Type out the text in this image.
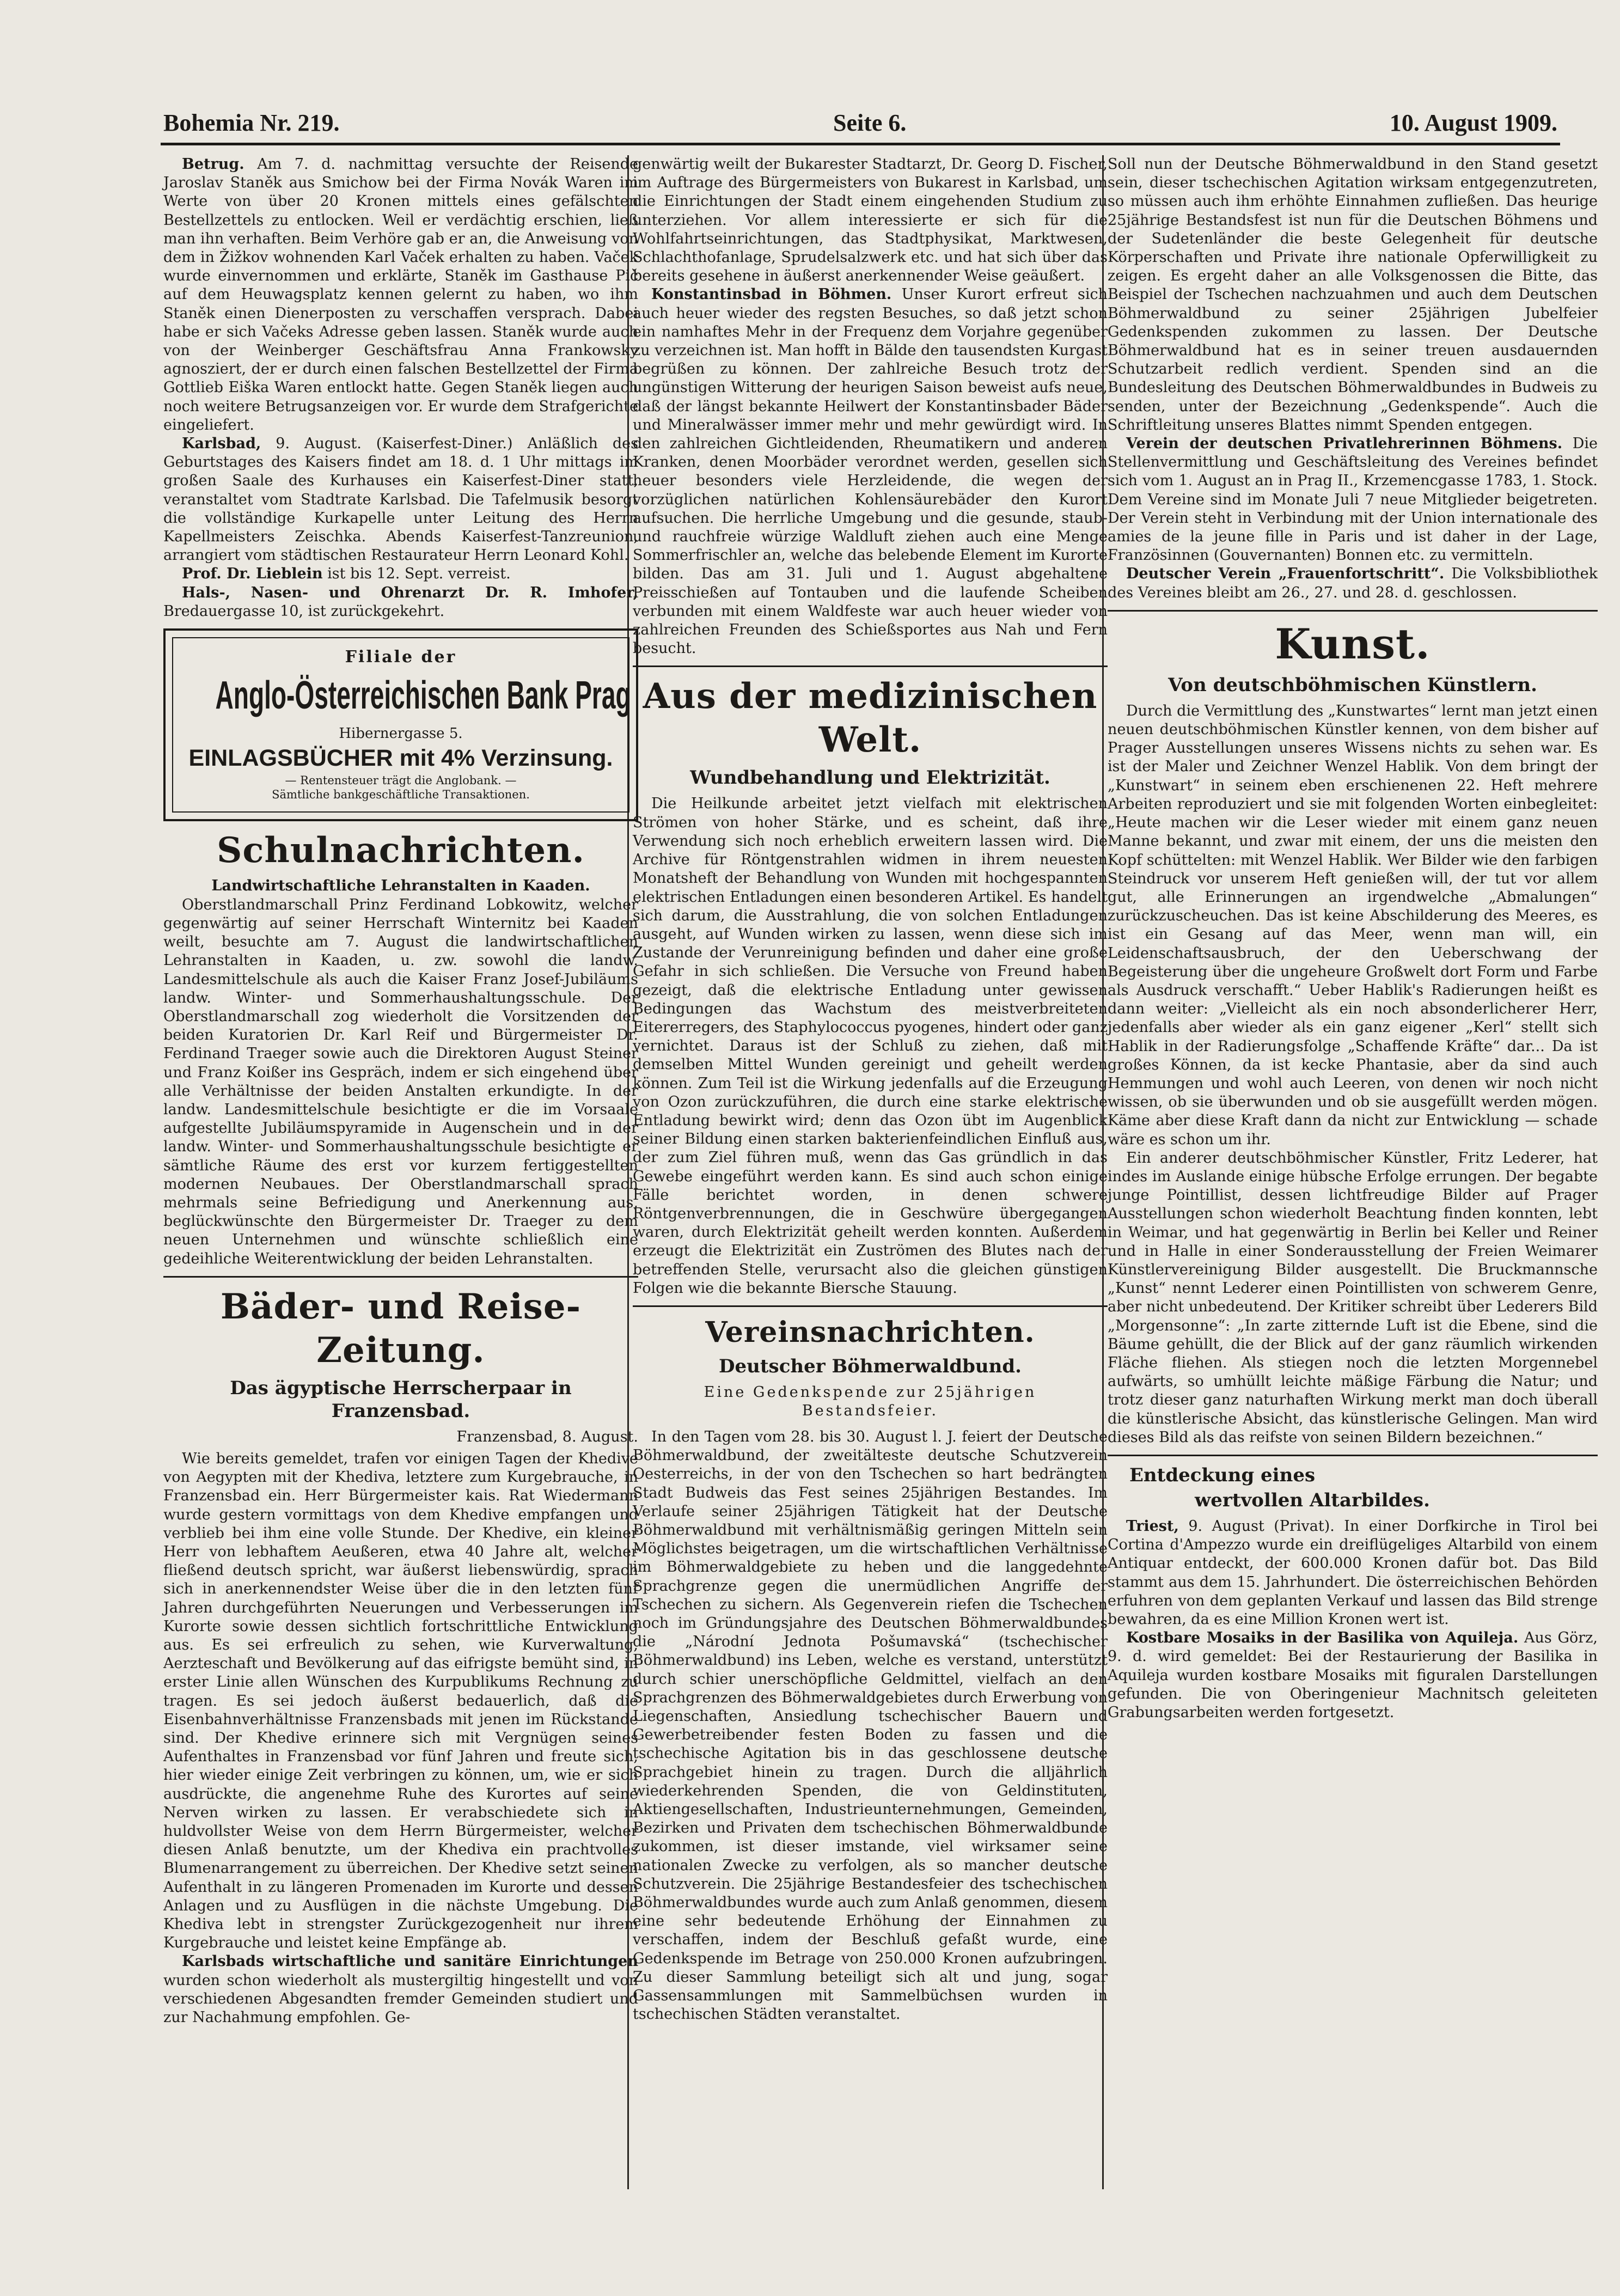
Bohemia Nr. 219.	Seite 6.	10. August 1909.

Betrug. Am 7. d. nachmittag versuchte der Reisende Jaroslav Staněk aus Smichow bei der Firma Novák Waren im Werte von über 20 Kronen mittels eines gefälschten Bestellzettels zu entlocken. Weil er verdächtig erschien, ließ man ihn verhaften. Beim Verhöre gab er an, die Anweisung von dem in Žižkov wohnenden Karl Vaček erhalten zu haben. Vaček wurde einvernommen und erklärte, Staněk im Gasthause Pič auf dem Heuwagsplatz kennen gelernt zu haben, wo ihm Staněk einen Dienerposten zu verschaffen versprach. Dabei habe er sich Vačeks Adresse geben lassen. Staněk wurde auch von der Weinberger Geschäftsfrau Anna Frankowsky agnosziert, der er durch einen falschen Bestellzettel der Firma Gottlieb Eiška Waren entlockt hatte. Gegen Staněk liegen auch noch weitere Betrugsanzeigen vor. Er wurde dem Strafgerichte eingeliefert.

Karlsbad, 9. August. (Kaiserfest-Diner.) Anläßlich des Geburtstages des Kaisers findet am 18. d. 1 Uhr mittags im großen Saale des Kurhauses ein Kaiserfest-Diner statt, veranstaltet vom Stadtrate Karlsbad. Die Tafelmusik besorgt die vollständige Kurkapelle unter Leitung des Herrn Kapellmeisters Zeischka. Abends Kaiserfest-Tanzreunion, arrangiert vom städtischen Restaurateur Herrn Leonard Kohl.

Prof. Dr. Lieblein ist bis 12. Sept. verreist.

Hals-, Nasen- und Ohrenarzt Dr. R. Imhofer, Bredauergasse 10, ist zurückgekehrt.

Filiale der
Anglo-Österreichischen Bank Prag
Hibernergasse 5.
EINLAGSBÜCHER mit 4% Verzinsung.
— Rentensteuer trägt die Anglobank. —
Sämtliche bankgeschäftliche Transaktionen.
Schulnachrichten.

Landwirtschaftliche Lehranstalten in Kaaden.

Oberstlandmarschall Prinz Ferdinand Lobkowitz, welcher gegenwärtig auf seiner Herrschaft Winternitz bei Kaaden weilt, besuchte am 7. August die landwirtschaftlichen Lehranstalten in Kaaden, u. zw. sowohl die landw. Landesmittelschule als auch die Kaiser Franz Josef-Jubiläums landw. Winter- und Sommerhaushaltungsschule. Der Oberstlandmarschall zog wiederholt die Vorsitzenden der beiden Kuratorien Dr. Karl Reif und Bürgermeister Dr. Ferdinand Traeger sowie auch die Direktoren August Steiner und Franz Koißer ins Gespräch, indem er sich eingehend über alle Verhältnisse der beiden Anstalten erkundigte. In der landw. Landesmittelschule besichtigte er die im Vorsaale aufgestellte Jubiläumspyramide in Augenschein und in der landw. Winter- und Sommerhaushaltungsschule besichtigte er sämtliche Räume des erst vor kurzem fertiggestellten modernen Neubaues. Der Oberstlandmarschall sprach mehrmals seine Befriedigung und Anerkennung aus, beglückwünschte den Bürgermeister Dr. Traeger zu dem neuen Unternehmen und wünschte schließlich eine gedeihliche Weiterentwicklung der beiden Lehranstalten.

Bäder- und Reise-Zeitung.
Das ägyptische Herrscherpaar in Franzensbad.
Franzensbad, 8. August.

Wie bereits gemeldet, trafen vor einigen Tagen der Khedive von Aegypten mit der Khediva, letztere zum Kurgebrauche, in Franzensbad ein. Herr Bürgermeister kais. Rat Wiedermann wurde gestern vormittags von dem Khedive empfangen und verblieb bei ihm eine volle Stunde. Der Khedive, ein kleiner Herr von lebhaftem Aeußeren, etwa 40 Jahre alt, welcher fließend deutsch spricht, war äußerst liebenswürdig, sprach sich in anerkennendster Weise über die in den letzten fünf Jahren durchgeführten Neuerungen und Verbesserungen im Kurorte sowie dessen sichtlich fortschrittliche Entwicklung aus. Es sei erfreulich zu sehen, wie Kurverwaltung, Aerzteschaft und Bevölkerung auf das eifrigste bemüht sind, in erster Linie allen Wünschen des Kurpublikums Rechnung zu tragen. Es sei jedoch äußerst bedauerlich, daß die Eisenbahnverhältnisse Franzensbads mit jenen im Rückstande sind. Der Khedive erinnere sich mit Vergnügen seines Aufenthaltes in Franzensbad vor fünf Jahren und freute sich, hier wieder einige Zeit verbringen zu können, um, wie er sich ausdrückte, die angenehme Ruhe des Kurortes auf seine Nerven wirken zu lassen. Er verabschiedete sich in huldvollster Weise von dem Herrn Bürgermeister, welcher diesen Anlaß benutzte, um der Khediva ein prachtvolles Blumenarrangement zu überreichen. Der Khedive setzt seinen Aufenthalt in zu längeren Promenaden im Kurorte und dessen Anlagen und zu Ausflügen in die nächste Umgebung. Die Khediva lebt in strengster Zurückgezogenheit nur ihrem Kurgebrauche und leistet keine Empfänge ab.

Karlsbads wirtschaftliche und sanitäre Einrichtungen wurden schon wiederholt als mustergiltig hingestellt und von verschiedenen Abgesandten fremder Gemeinden studiert und zur Nachahmung empfohlen. Ge-

genwärtig weilt der Bukarester Stadtarzt, Dr. Georg D. Fischer, im Auftrage des Bürgermeisters von Bukarest in Karlsbad, um die Einrichtungen der Stadt einem eingehenden Studium zu unterziehen. Vor allem interessierte er sich für die Wohlfahrtseinrichtungen, das Stadtphysikat, Marktwesen, Schlachthofanlage, Sprudelsalzwerk etc. und hat sich über das bereits gesehene in äußerst anerkennender Weise geäußert.

Konstantinsbad in Böhmen. Unser Kurort erfreut sich auch heuer wieder des regsten Besuches, so daß jetzt schon ein namhaftes Mehr in der Frequenz dem Vorjahre gegenüber zu verzeichnen ist. Man hofft in Bälde den tausendsten Kurgast begrüßen zu können. Der zahlreiche Besuch trotz der ungünstigen Witterung der heurigen Saison beweist aufs neue, daß der längst bekannte Heilwert der Konstantinsbader Bäder und Mineralwässer immer mehr und mehr gewürdigt wird. In den zahlreichen Gichtleidenden, Rheumatikern und anderen Kranken, denen Moorbäder verordnet werden, gesellen sich heuer besonders viele Herzleidende, die wegen der vorzüglichen natürlichen Kohlensäurebäder den Kurort aufsuchen. Die herrliche Umgebung und die gesunde, staub- und rauchfreie würzige Waldluft ziehen auch eine Menge Sommerfrischler an, welche das belebende Element im Kurorte bilden. Das am 31. Juli und 1. August abgehaltene Preisschießen auf Tontauben und die laufende Scheiben verbunden mit einem Waldfeste war auch heuer wieder von zahlreichen Freunden des Schießsportes aus Nah und Fern besucht.

Aus der medizinischen Welt.
Wundbehandlung und Elektrizität.

Die Heilkunde arbeitet jetzt vielfach mit elektrischen Strömen von hoher Stärke, und es scheint, daß ihre Verwendung sich noch erheblich erweitern lassen wird. Die Archive für Röntgenstrahlen widmen in ihrem neuesten Monatsheft der Behandlung von Wunden mit hochgespannten elektrischen Entladungen einen besonderen Artikel. Es handelt sich darum, die Ausstrahlung, die von solchen Entladungen ausgeht, auf Wunden wirken zu lassen, wenn diese sich im Zustande der Verunreinigung befinden und daher eine große Gefahr in sich schließen. Die Versuche von Freund haben gezeigt, daß die elektrische Entladung unter gewissen Bedingungen das Wachstum des meistverbreiteten Eitererregers, des Staphylococcus pyogenes, hindert oder ganz vernichtet. Daraus ist der Schluß zu ziehen, daß mit demselben Mittel Wunden gereinigt und geheilt werden können. Zum Teil ist die Wirkung jedenfalls auf die Erzeugung von Ozon zurückzuführen, die durch eine starke elektrische Entladung bewirkt wird; denn das Ozon übt im Augenblick seiner Bildung einen starken bakterienfeindlichen Einfluß aus, der zum Ziel führen muß, wenn das Gas gründlich in das Gewebe eingeführt werden kann. Es sind auch schon einige Fälle berichtet worden, in denen schwere Röntgenverbrennungen, die in Geschwüre übergegangen waren, durch Elektrizität geheilt werden konnten. Außerdem erzeugt die Elektrizität ein Zuströmen des Blutes nach der betreffenden Stelle, verursacht also die gleichen günstigen Folgen wie die bekannte Biersche Stauung.

Vereinsnachrichten.
Deutscher Böhmerwaldbund.
Eine Gedenkspende zur 25jährigen Bestandsfeier.

In den Tagen vom 28. bis 30. August l. J. feiert der Deutsche Böhmerwaldbund, der zweitälteste deutsche Schutzverein Oesterreichs, in der von den Tschechen so hart bedrängten Stadt Budweis das Fest seines 25jährigen Bestandes. Im Verlaufe seiner 25jährigen Tätigkeit hat der Deutsche Böhmerwaldbund mit verhältnismäßig geringen Mitteln sein Möglichstes beigetragen, um die wirtschaftlichen Verhältnisse im Böhmerwaldgebiete zu heben und die langgedehnte Sprachgrenze gegen die unermüdlichen Angriffe der Tschechen zu sichern. Als Gegenverein riefen die Tschechen noch im Gründungsjahre des Deutschen Böhmerwaldbundes die „Národní Jednota Pošumavská“ (tschechischer Böhmerwaldbund) ins Leben, welche es verstand, unterstützt durch schier unerschöpfliche Geldmittel, vielfach an den Sprachgrenzen des Böhmerwaldgebietes durch Erwerbung von Liegenschaften, Ansiedlung tschechischer Bauern und Gewerbetreibender festen Boden zu fassen und die tschechische Agitation bis in das geschlossene deutsche Sprachgebiet hinein zu tragen. Durch die alljährlich wiederkehrenden Spenden, die von Geldinstituten, Aktiengesellschaften, Industrieunternehmungen, Gemeinden, Bezirken und Privaten dem tschechischen Böhmerwaldbunde zukommen, ist dieser imstande, viel wirksamer seine nationalen Zwecke zu verfolgen, als so mancher deutsche Schutzverein. Die 25jährige Bestandesfeier des tschechischen Böhmerwaldbundes wurde auch zum Anlaß genommen, diesem eine sehr bedeutende Erhöhung der Einnahmen zu verschaffen, indem der Beschluß gefaßt wurde, eine Gedenkspende im Betrage von 250.000 Kronen aufzubringen. Zu dieser Sammlung beteiligt sich alt und jung, sogar Gassensammlungen mit Sammelbüchsen wurden in tschechischen Städten veranstaltet.

Soll nun der Deutsche Böhmerwaldbund in den Stand gesetzt sein, dieser tschechischen Agitation wirksam entgegenzutreten, so müssen auch ihm erhöhte Einnahmen zufließen. Das heurige 25jährige Bestandsfest ist nun für die Deutschen Böhmens und der Sudetenländer die beste Gelegenheit für deutsche Körperschaften und Private ihre nationale Opferwilligkeit zu zeigen. Es ergeht daher an alle Volksgenossen die Bitte, das Beispiel der Tschechen nachzuahmen und auch dem Deutschen Böhmerwaldbund zu seiner 25jährigen Jubelfeier Gedenkspenden zukommen zu lassen. Der Deutsche Böhmerwaldbund hat es in seiner treuen ausdauernden Schutzarbeit redlich verdient. Spenden sind an die Bundesleitung des Deutschen Böhmerwaldbundes in Budweis zu senden, unter der Bezeichnung „Gedenkspende“. Auch die Schriftleitung unseres Blattes nimmt Spenden entgegen.

Verein der deutschen Privatlehrerinnen Böhmens. Die Stellenvermittlung und Geschäftsleitung des Vereines befindet sich vom 1. August an in Prag II., Krzemencgasse 1783, 1. Stock. Dem Vereine sind im Monate Juli 7 neue Mitglieder beigetreten. Der Verein steht in Verbindung mit der Union internationale des amies de la jeune fille in Paris und ist daher in der Lage, Französinnen (Gouvernanten) Bonnen etc. zu vermitteln.

Deutscher Verein „Frauenfortschritt“. Die Volksbibliothek des Vereines bleibt am 26., 27. und 28. d. geschlossen.

Kunst.
Von deutschböhmischen Künstlern.

Durch die Vermittlung des „Kunstwartes“ lernt man jetzt einen neuen deutschböhmischen Künstler kennen, von dem bisher auf Prager Ausstellungen unseres Wissens nichts zu sehen war. Es ist der Maler und Zeichner Wenzel Hablik. Von dem bringt der „Kunstwart“ in seinem eben erschienenen 22. Heft mehrere Arbeiten reproduziert und sie mit folgenden Worten einbegleitet: „Heute machen wir die Leser wieder mit einem ganz neuen Manne bekannt, und zwar mit einem, der uns die meisten den Kopf schüttelten: mit Wenzel Hablik. Wer Bilder wie den farbigen Steindruck vor unserem Heft genießen will, der tut vor allem gut, alle Erinnerungen an irgendwelche „Abmalungen“ zurückzuscheuchen. Das ist keine Abschilderung des Meeres, es ist ein Gesang auf das Meer, wenn man will, ein Leidenschaftsausbruch, der den Ueberschwang der Begeisterung über die ungeheure Großwelt dort Form und Farbe als Ausdruck verschafft.“ Ueber Hablik's Radierungen heißt es dann weiter: „Vielleicht als ein noch absonderlicherer Herr, jedenfalls aber wieder als ein ganz eigener „Kerl“ stellt sich Hablik in der Radierungsfolge „Schaffende Kräfte“ dar... Da ist großes Können, da ist kecke Phantasie, aber da sind auch Hemmungen und wohl auch Leeren, von denen wir noch nicht wissen, ob sie überwunden und ob sie ausgefüllt werden mögen. Käme aber diese Kraft dann da nicht zur Entwicklung — schade wäre es schon um ihr.

Ein anderer deutschböhmischer Künstler, Fritz Lederer, hat indes im Auslande einige hübsche Erfolge errungen. Der begabte junge Pointillist, dessen lichtfreudige Bilder auf Prager Ausstellungen schon wiederholt Beachtung finden konnten, lebt in Weimar, und hat gegenwärtig in Berlin bei Keller und Reiner und in Halle in einer Sonderausstellung der Freien Weimarer Künstlervereinigung Bilder ausgestellt. Die Bruckmannsche „Kunst“ nennt Lederer einen Pointillisten von schwerem Genre, aber nicht unbedeutend. Der Kritiker schreibt über Lederers Bild „Morgensonne“: „In zarte zitternde Luft ist die Ebene, sind die Bäume gehüllt, die der Blick auf der ganz räumlich wirkenden Fläche fliehen. Als stiegen noch die letzten Morgennebel aufwärts, so umhüllt leichte mäßige Färbung die Natur; und trotz dieser ganz naturhaften Wirkung merkt man doch überall die künstlerische Absicht, das künstlerische Gelingen. Man wird dieses Bild als das reifste von seinen Bildern bezeichnen.“

Entdeckung eines
wertvollen Altarbildes.

Triest, 9. August (Privat). In einer Dorfkirche in Tirol bei Cortina d'Ampezzo wurde ein dreiflügeliges Altarbild von einem Antiquar entdeckt, der 600.000 Kronen dafür bot. Das Bild stammt aus dem 15. Jahrhundert. Die österreichischen Behörden erfuhren von dem geplanten Verkauf und lassen das Bild strenge bewahren, da es eine Million Kronen wert ist.

Kostbare Mosaiks in der Basilika von Aquileja. Aus Görz, 9. d. wird gemeldet: Bei der Restaurierung der Basilika in Aquileja wurden kostbare Mosaiks mit figuralen Darstellungen gefunden. Die von Oberingenieur Machnitsch geleiteten Grabungsarbeiten werden fortgesetzt.
